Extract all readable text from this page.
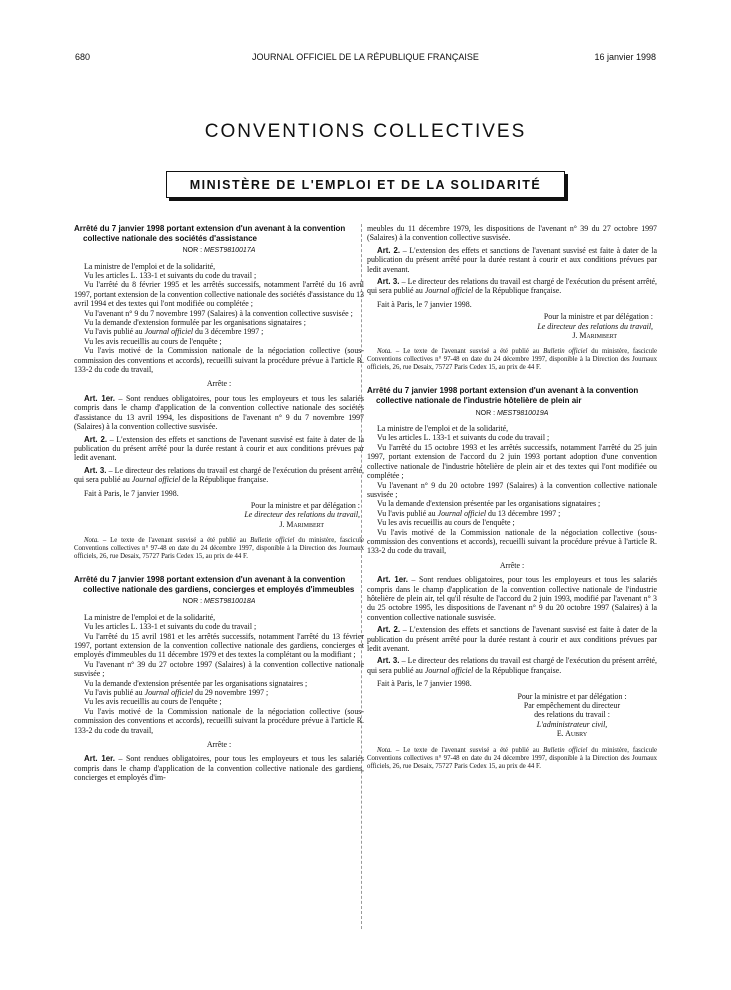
680	JOURNAL OFFICIEL DE LA RÉPUBLIQUE FRANÇAISE	16 janvier 1998
CONVENTIONS COLLECTIVES
MINISTÈRE DE L'EMPLOI ET DE LA SOLIDARITÉ

Arrêté du 7 janvier 1998 portant extension d'un avenant à la convention collective nationale des sociétés d'assistance

NOR : MEST9810017A

La ministre de l'emploi et de la solidarité,

Vu les articles L. 133-1 et suivants du code du travail ;

Vu l'arrêté du 8 février 1995 et les arrêtés successifs, notamment l'arrêté du 16 avril 1997, portant extension de la convention collective nationale des sociétés d'assistance du 13 avril 1994 et des textes qui l'ont modifiée ou complétée ;

Vu l'avenant n° 9 du 7 novembre 1997 (Salaires) à la convention collective susvisée ;

Vu la demande d'extension formulée par les organisations signataires ;

Vu l'avis publié au Journal officiel du 3 décembre 1997 ;

Vu les avis recueillis au cours de l'enquête ;

Vu l'avis motivé de la Commission nationale de la négociation collective (sous-commission des conventions et accords), recueilli suivant la procédure prévue à l'article R. 133-2 du code du travail,

Arrête :

Art. 1er. – Sont rendues obligatoires, pour tous les employeurs et tous les salariés compris dans le champ d'application de la convention collective nationale des sociétés d'assistance du 13 avril 1994, les dispositions de l'avenant n° 9 du 7 novembre 1997 (Salaires) à la convention collective susvisée.

Art. 2. – L'extension des effets et sanctions de l'avenant susvisé est faite à dater de la publication du présent arrêté pour la durée restant à courir et aux conditions prévues par ledit avenant.

Art. 3. – Le directeur des relations du travail est chargé de l'exécution du présent arrêté, qui sera publié au Journal officiel de la République française.

Fait à Paris, le 7 janvier 1998.

Pour la ministre et par délégation :
Le directeur des relations du travail,
J. Marimbert

Nota. – Le texte de l'avenant susvisé a été publié au Bulletin officiel du ministère, fascicule Conventions collectives n° 97-48 en date du 24 décembre 1997, disponible à la Direction des Journaux officiels, 26, rue Desaix, 75727 Paris Cedex 15, au prix de 44 F.

Arrêté du 7 janvier 1998 portant extension d'un avenant à la convention collective nationale des gardiens, concierges et employés d'immeubles

NOR : MEST9810018A

La ministre de l'emploi et de la solidarité,

Vu les articles L. 133-1 et suivants du code du travail ;

Vu l'arrêté du 15 avril 1981 et les arrêtés successifs, notamment l'arrêté du 13 février 1997, portant extension de la convention collective nationale des gardiens, concierges et employés d'immeubles du 11 décembre 1979 et des textes la complétant ou la modifiant ;

Vu l'avenant n° 39 du 27 octobre 1997 (Salaires) à la convention collective nationale susvisée ;

Vu la demande d'extension présentée par les organisations signataires ;

Vu l'avis publié au Journal officiel du 29 novembre 1997 ;

Vu les avis recueillis au cours de l'enquête ;

Vu l'avis motivé de la Commission nationale de la négociation collective (sous-commission des conventions et accords), recueilli suivant la procédure prévue à l'article R. 133-2 du code du travail,

Arrête :

Art. 1er. – Sont rendues obligatoires, pour tous les employeurs et tous les salariés compris dans le champ d'application de la convention collective nationale des gardiens, concierges et employés d'im-

meubles du 11 décembre 1979, les dispositions de l'avenant n° 39 du 27 octobre 1997 (Salaires) à la convention collective susvisée.

Art. 2. – L'extension des effets et sanctions de l'avenant susvisé est faite à dater de la publication du présent arrêté pour la durée restant à courir et aux conditions prévues par ledit avenant.

Art. 3. – Le directeur des relations du travail est chargé de l'exécution du présent arrêté, qui sera publié au Journal officiel de la République française.

Fait à Paris, le 7 janvier 1998.

Pour la ministre et par délégation :
Le directeur des relations du travail,
J. Marimbert

Nota. – Le texte de l'avenant susvisé a été publié au Bulletin officiel du ministère, fascicule Conventions collectives n° 97-48 en date du 24 décembre 1997, disponible à la Direction des Journaux officiels, 26, rue Desaix, 75727 Paris Cedex 15, au prix de 44 F.

Arrêté du 7 janvier 1998 portant extension d'un avenant à la convention collective nationale de l'industrie hôtelière de plein air

NOR : MEST9810019A

La ministre de l'emploi et de la solidarité,

Vu les articles L. 133-1 et suivants du code du travail ;

Vu l'arrêté du 15 octobre 1993 et les arrêtés successifs, notamment l'arrêté du 25 juin 1997, portant extension de l'accord du 2 juin 1993 portant adoption d'une convention collective nationale de l'industrie hôtelière de plein air et des textes qui l'ont modifiée ou complétée ;

Vu l'avenant n° 9 du 20 octobre 1997 (Salaires) à la convention collective nationale susvisée ;

Vu la demande d'extension présentée par les organisations signataires ;

Vu l'avis publié au Journal officiel du 13 décembre 1997 ;

Vu les avis recueillis au cours de l'enquête ;

Vu l'avis motivé de la Commission nationale de la négociation collective (sous-commission des conventions et accords), recueilli suivant la procédure prévue à l'article R. 133-2 du code du travail,

Arrête :

Art. 1er. – Sont rendues obligatoires, pour tous les employeurs et tous les salariés compris dans le champ d'application de la convention collective nationale de l'industrie hôtelière de plein air, tel qu'il résulte de l'accord du 2 juin 1993, modifié par l'avenant n° 3 du 25 octobre 1995, les dispositions de l'avenant n° 9 du 20 octobre 1997 (Salaires) à la convention collective nationale susvisée.

Art. 2. – L'extension des effets et sanctions de l'avenant susvisé est faite à dater de la publication du présent arrêté pour la durée restant à courir et aux conditions prévues par ledit avenant.

Art. 3. – Le directeur des relations du travail est chargé de l'exécution du présent arrêté, qui sera publié au Journal officiel de la République française.

Fait à Paris, le 7 janvier 1998.

Pour la ministre et par délégation :
Par empêchement du directeur
des relations du travail :
L'administrateur civil,
E. Aubry

Nota. – Le texte de l'avenant susvisé a été publié au Bulletin officiel du ministère, fascicule Conventions collectives n° 97-48 en date du 24 décembre 1997, disponible à la Direction des Journaux officiels, 26, rue Desaix, 75727 Paris Cedex 15, au prix de 44 F.
